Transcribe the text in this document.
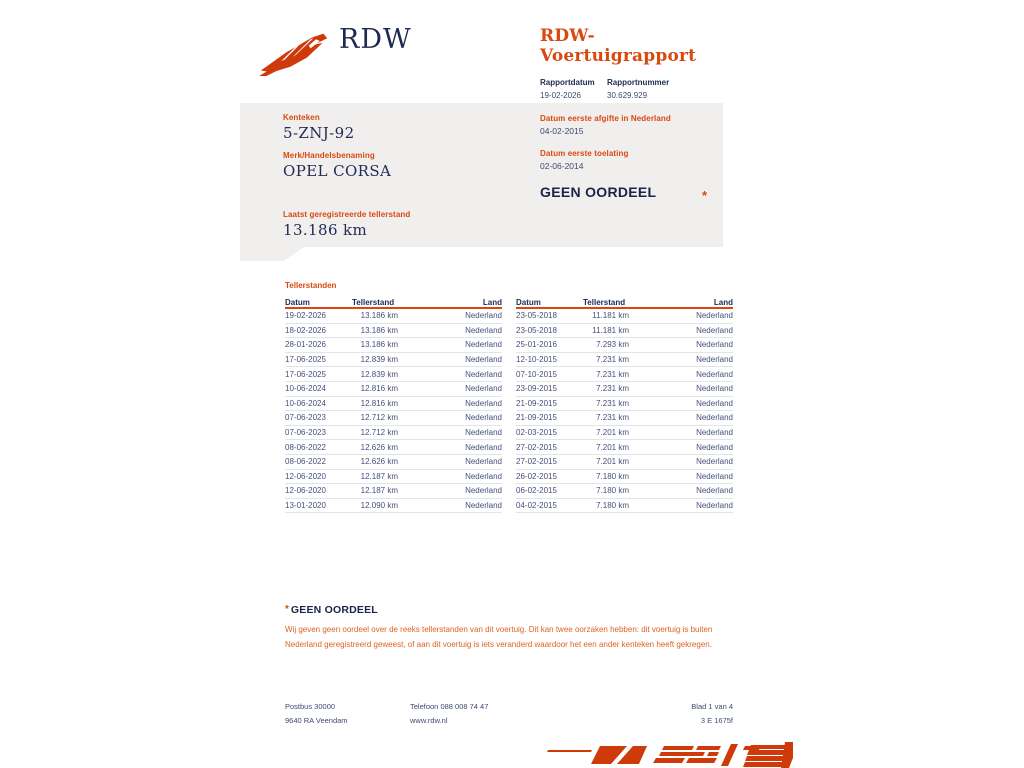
RDW	RDW-Voertuigrapport
Rapportdatum
19-02-2026
Rapportnummer
30.629.929
Kenteken
5-ZNJ-92
Merk/Handelsbenaming
OPEL CORSA
Laatst geregistreerde tellerstand
13.186 km
Datum eerste afgifte in Nederland
04-02-2015
Datum eerste toelating
02-06-2014
GEEN OORDEEL	*
Tellerstanden
Datum	Tellerstand	Land
19-02-2026	13.186 km	Nederland
18-02-2026	13.186 km	Nederland
28-01-2026	13.186 km	Nederland
17-06-2025	12.839 km	Nederland
17-06-2025	12.839 km	Nederland
10-06-2024	12.816 km	Nederland
10-06-2024	12.816 km	Nederland
07-06-2023	12.712 km	Nederland
07-06-2023	12.712 km	Nederland
08-06-2022	12.626 km	Nederland
08-06-2022	12.626 km	Nederland
12-06-2020	12.187 km	Nederland
12-06-2020	12.187 km	Nederland
13-01-2020	12.090 km	Nederland
Datum	Tellerstand	Land
23-05-2018	11.181 km	Nederland
23-05-2018	11.181 km	Nederland
25-01-2016	7.293 km	Nederland
12-10-2015	7.231 km	Nederland
07-10-2015	7.231 km	Nederland
23-09-2015	7.231 km	Nederland
21-09-2015	7.231 km	Nederland
21-09-2015	7.231 km	Nederland
02-03-2015	7.201 km	Nederland
27-02-2015	7.201 km	Nederland
27-02-2015	7.201 km	Nederland
26-02-2015	7.180 km	Nederland
06-02-2015	7.180 km	Nederland
04-02-2015	7.180 km	Nederland
* GEEN OORDEEL
Wij geven geen oordeel over de reeks tellerstanden van dit voertuig. Dit kan twee oorzaken hebben: dit voertuig is buiten Nederland geregistreerd geweest, of aan dit voertuig is iets veranderd waardoor het een ander kenteken heeft gekregen.
Postbus 30000	Telefoon 088 008 74 47	Blad 1 van 4
9640 RA Veendam	www.rdw.nl	3 E 1675f
